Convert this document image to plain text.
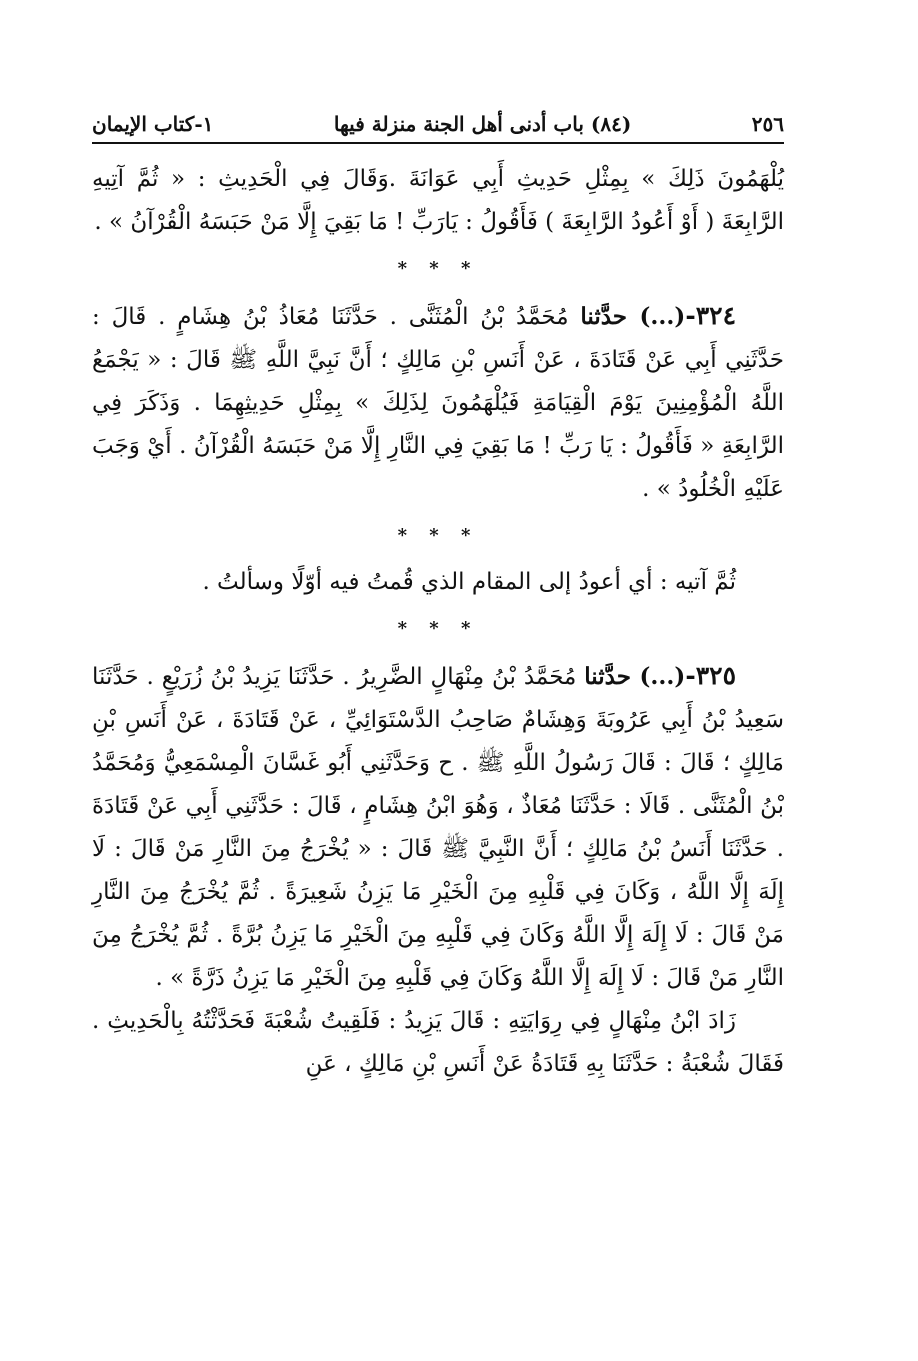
٢٥٦
(٨٤) باب أدنى أهل الجنة منزلة فيها
١-كتاب الإيمان

يُلْهَمُونَ ذَلِكَ » بِمِثْلِ حَدِيثِ أَبِي عَوَانَةَ .وَقَالَ فِي الْحَدِيثِ : « ثُمَّ آتِيهِ الرَّابِعَةَ ( أَوْ أَعُودُ الرَّابِعَةَ ) فَأَقُولُ : يَارَبِّ ! مَا بَقِيَ إِلَّا مَنْ حَبَسَهُ الْقُرْآنُ » .

* * *

٣٢٤-(...) حدَّثنا مُحَمَّدُ بْنُ الْمُثَنَّى . حَدَّثَنَا مُعَاذُ بْنُ هِشَامٍ . قَالَ : حَدَّثَنِي أَبِي عَنْ قَتَادَةَ ، عَنْ أَنَسِ بْنِ مَالِكٍ ؛ أَنَّ نَبِيَّ اللَّهِ ﷺ قَالَ : « يَجْمَعُ اللَّهُ الْمُؤْمِنِينَ يَوْمَ الْقِيَامَةِ فَيُلْهَمُونَ لِذَلِكَ » بِمِثْلِ حَدِيثِهِمَا . وَذَكَرَ فِي الرَّابِعَةِ « فَأَقُولُ : يَا رَبِّ ! مَا بَقِيَ فِي النَّارِ إِلَّا مَنْ حَبَسَهُ الْقُرْآنُ . أَيْ وَجَبَ عَلَيْهِ الْخُلُودُ » .

* * *

ثُمَّ آتيه : أي أعودُ إلى المقام الذي قُمتُ فيه أوّلًا وسألتُ .

* * *

٣٢٥-(...) حدَّثنا مُحَمَّدُ بْنُ مِنْهَالٍ الضَّرِيرُ . حَدَّثَنَا يَزِيدُ بْنُ زُرَيْعٍ . حَدَّثَنَا سَعِيدُ بْنُ أَبِي عَرُوبَةَ وَهِشَامٌ صَاحِبُ الدَّسْتَوَائِيِّ ، عَنْ قَتَادَةَ ، عَنْ أَنَسِ بْنِ مَالِكٍ ؛ قَالَ : قَالَ رَسُولُ اللَّهِ ﷺ . ح وَحَدَّثَنِي أَبُو غَسَّانَ الْمِسْمَعِيُّ وَمُحَمَّدُ بْنُ الْمُثَنَّى . قَالَا : حَدَّثَنَا مُعَاذٌ ، وَهُوَ ابْنُ هِشَامٍ ، قَالَ : حَدَّثَنِي أَبِي عَنْ قَتَادَةَ . حَدَّثَنَا أَنَسُ بْنُ مَالِكٍ ؛ أَنَّ النَّبِيَّ ﷺ قَالَ : « يُخْرَجُ مِنَ النَّارِ مَنْ قَالَ : لَا إِلَهَ إِلَّا اللَّهُ ، وَكَانَ فِي قَلْبِهِ مِنَ الْخَيْرِ مَا يَزِنُ شَعِيرَةً . ثُمَّ يُخْرَجُ مِنَ النَّارِ مَنْ قَالَ : لَا إِلَهَ إِلَّا اللَّهُ وَكَانَ فِي قَلْبِهِ مِنَ الْخَيْرِ مَا يَزِنُ بُرَّةً . ثُمَّ يُخْرَجُ مِنَ النَّارِ مَنْ قَالَ : لَا إِلَهَ إِلَّا اللَّهُ وَكَانَ فِي قَلْبِهِ مِنَ الْخَيْرِ مَا يَزِنُ ذَرَّةً » .

زَادَ ابْنُ مِنْهَالٍ فِي رِوَايَتِهِ : قَالَ يَزِيدُ : فَلَقِيتُ شُعْبَةَ فَحَدَّثْتُهُ بِالْحَدِيثِ . فَقَالَ شُعْبَةُ : حَدَّثَنَا بِهِ قَتَادَةُ عَنْ أَنَسِ بْنِ مَالِكٍ ، عَنِ
